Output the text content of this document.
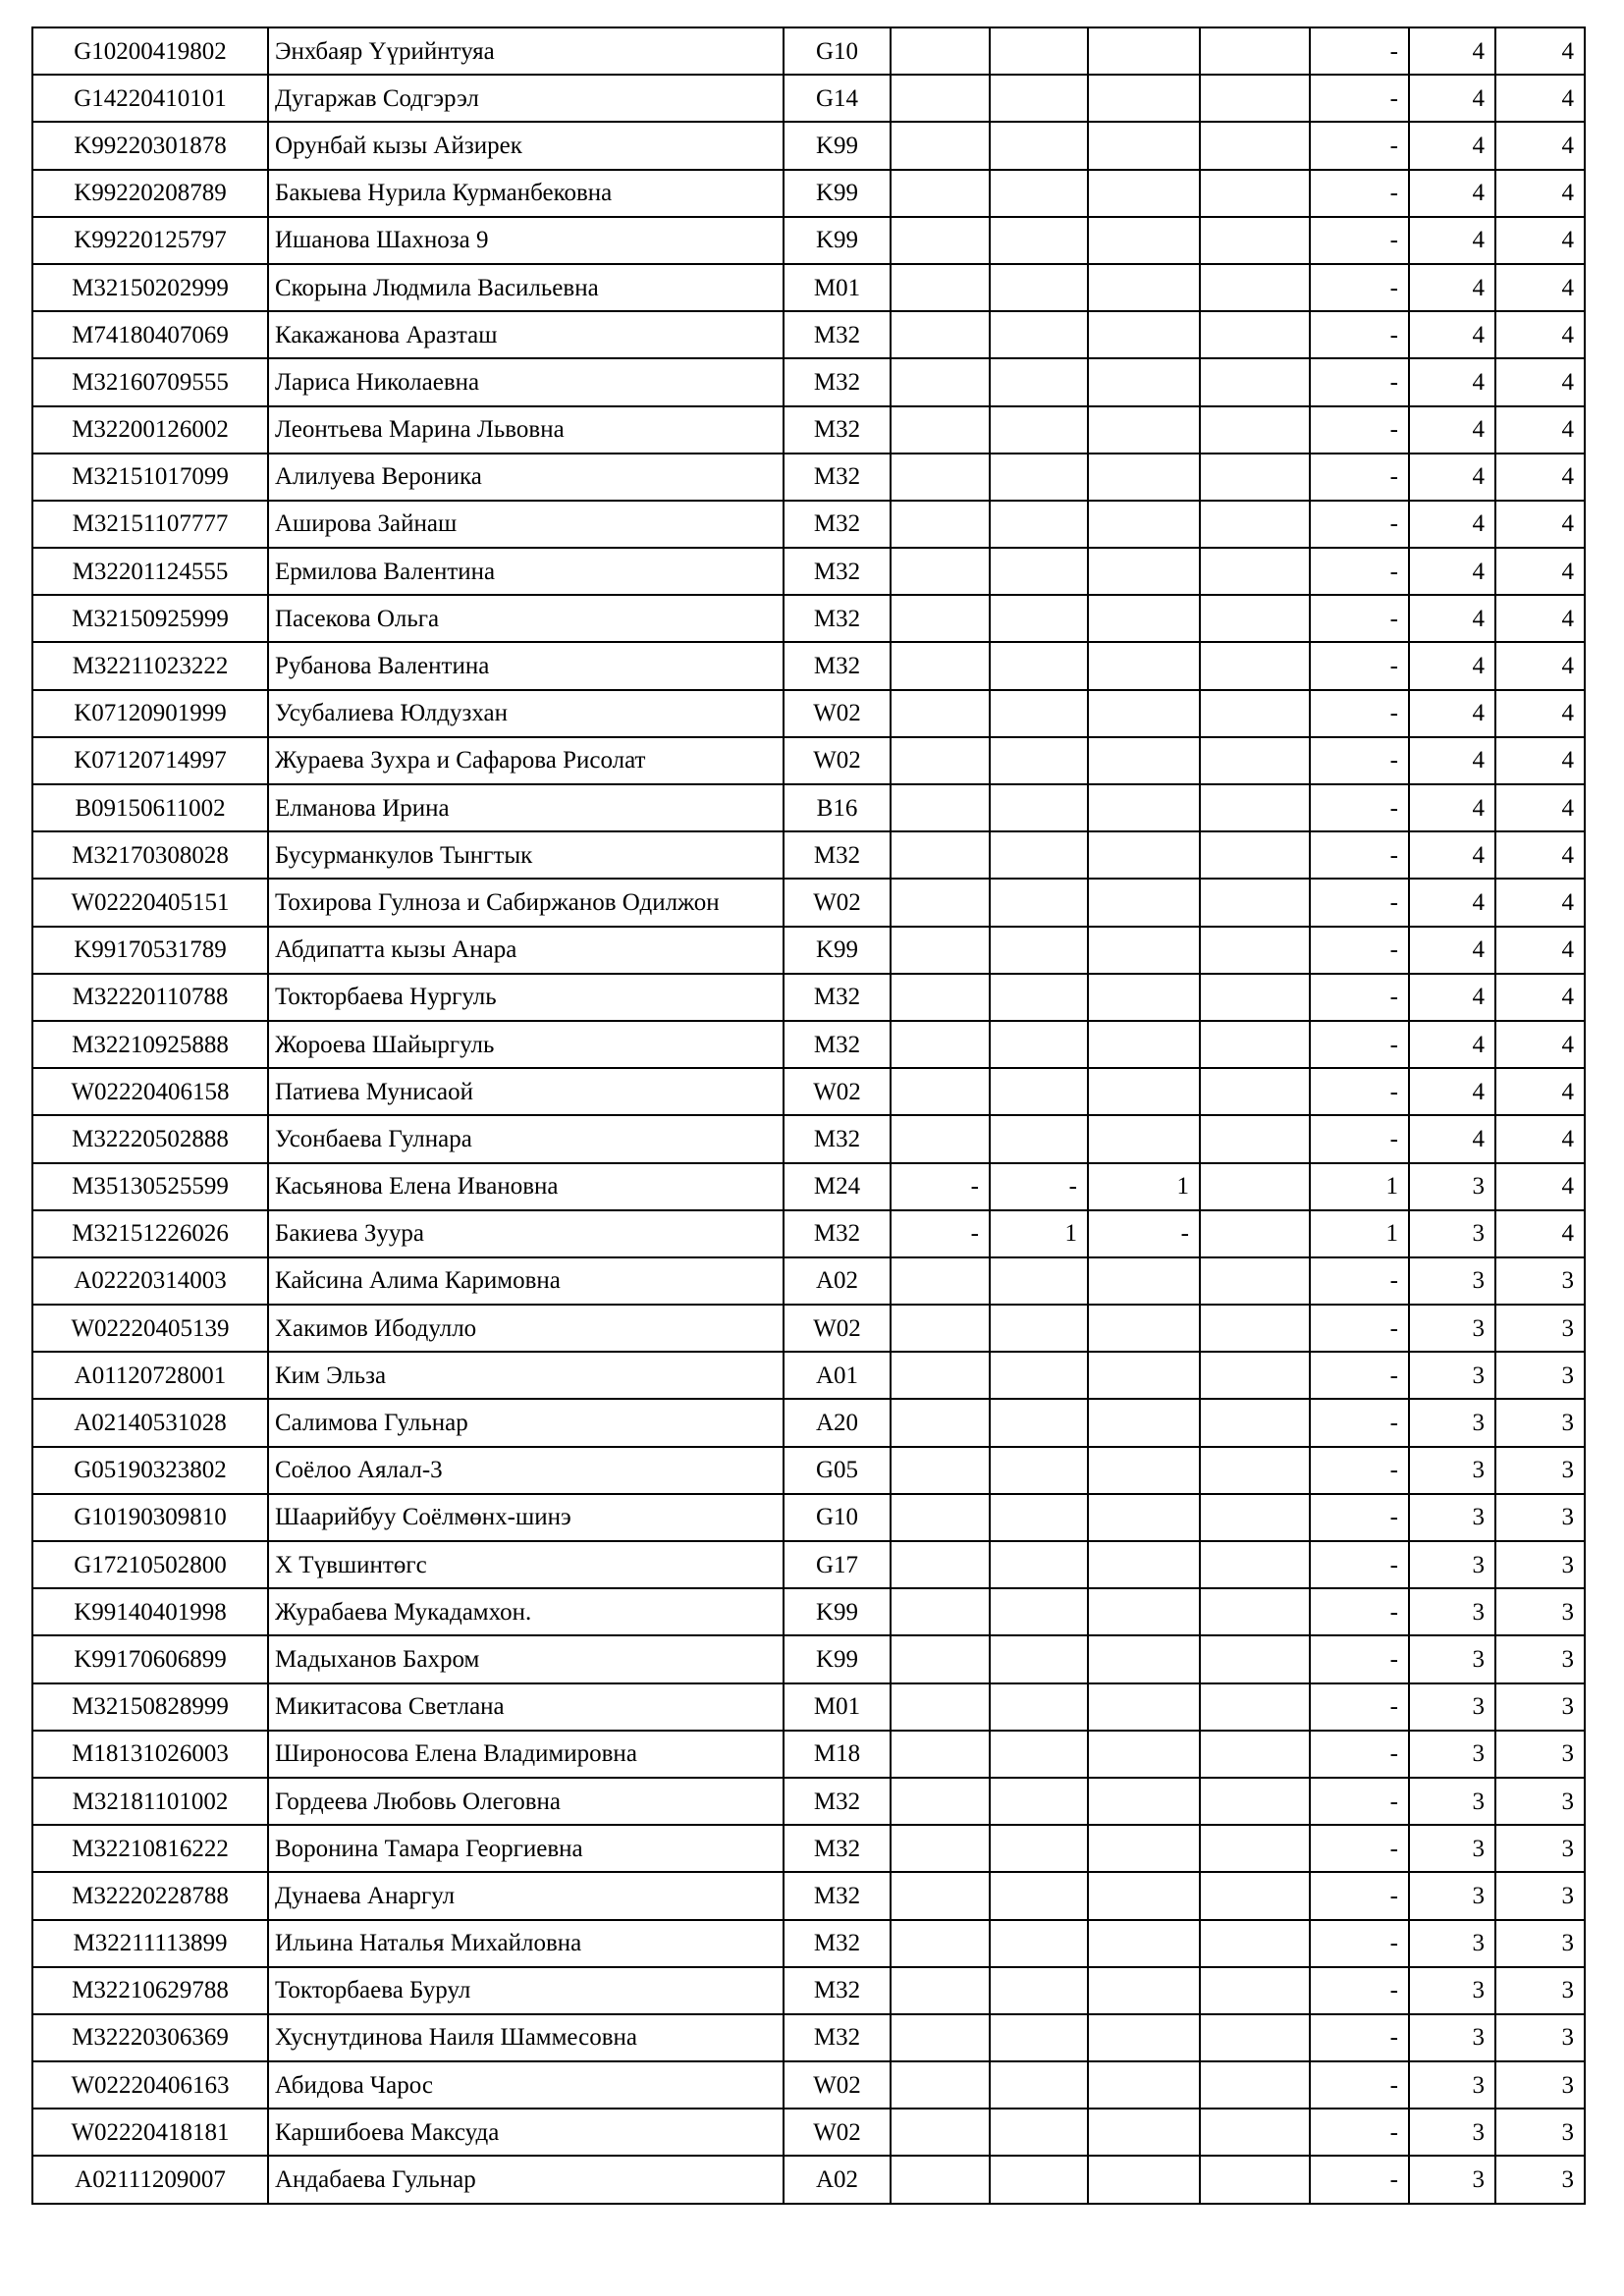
G10200419802	Энхбаяр Үүрийнтуяа	G10					-	4	4
G14220410101	Дугаржав Содгэрэл	G14					-	4	4
K99220301878	Орунбай кызы Айзирек	K99					-	4	4
K99220208789	Бакыева Нурила Курманбековна	K99					-	4	4
K99220125797	Ишанова Шахноза 9	K99					-	4	4
M32150202999	Скорына Людмила Васильевна	M01					-	4	4
M74180407069	Какажанова Аразташ	M32					-	4	4
M32160709555	Лариса Николаевна	M32					-	4	4
M32200126002	Леонтьева Марина Львовна	M32					-	4	4
M32151017099	Алилуева Вероника	M32					-	4	4
M32151107777	Аширова Зайнаш	M32					-	4	4
M32201124555	Ермилова Валентина	M32					-	4	4
M32150925999	Пасекова Ольга	M32					-	4	4
M32211023222	Рубанова Валентина	M32					-	4	4
K07120901999	Усубалиева Юлдузхан	W02					-	4	4
K07120714997	Жураева Зухра и Сафарова Рисолат	W02					-	4	4
B09150611002	Елманова Ирина	B16					-	4	4
M32170308028	Бусурманкулов Тынгтык	M32					-	4	4
W02220405151	Тохирова Гулноза и Сабиржанов Одилжон	W02					-	4	4
K99170531789	Абдипатта кызы Анара	K99					-	4	4
M32220110788	Токторбаева Нургуль	M32					-	4	4
M32210925888	Жороева Шайыргуль	M32					-	4	4
W02220406158	Патиева Мунисаой	W02					-	4	4
M32220502888	Усонбаева Гулнара	M32					-	4	4
M35130525599	Касьянова Елена Ивановна	M24	-	-	1		1	3	4
M32151226026	Бакиева Зуура	M32	-	1	-		1	3	4
A02220314003	Кайсина Алима Каримовна	A02					-	3	3
W02220405139	Хакимов Ибодулло	W02					-	3	3
A01120728001	Ким Эльза	A01					-	3	3
A02140531028	Салимова Гульнар	A20					-	3	3
G05190323802	Соёлоо Аялал-3	G05					-	3	3
G10190309810	Шаарийбуу Соёлмөнх-шинэ	G10					-	3	3
G17210502800	Х Түвшинтөгс	G17					-	3	3
K99140401998	Журабаева Мукадамхон.	K99					-	3	3
K99170606899	Мадыханов Бахром	K99					-	3	3
M32150828999	Микитасова Светлана	M01					-	3	3
M18131026003	Широносова Елена Владимировна	M18					-	3	3
M32181101002	Гордеева Любовь Олеговна	M32					-	3	3
M32210816222	Воронина Тамара Георгиевна	M32					-	3	3
M32220228788	Дунаева Анаргул	M32					-	3	3
M32211113899	Ильина Наталья Михайловна	M32					-	3	3
M32210629788	Токторбаева Бурул	M32					-	3	3
M32220306369	Хуснутдинова Наиля Шаммесовна	M32					-	3	3
W02220406163	Абидова Чарос	W02					-	3	3
W02220418181	Каршибоева Максуда	W02					-	3	3
A02111209007	Андабаева Гульнар	A02					-	3	3
